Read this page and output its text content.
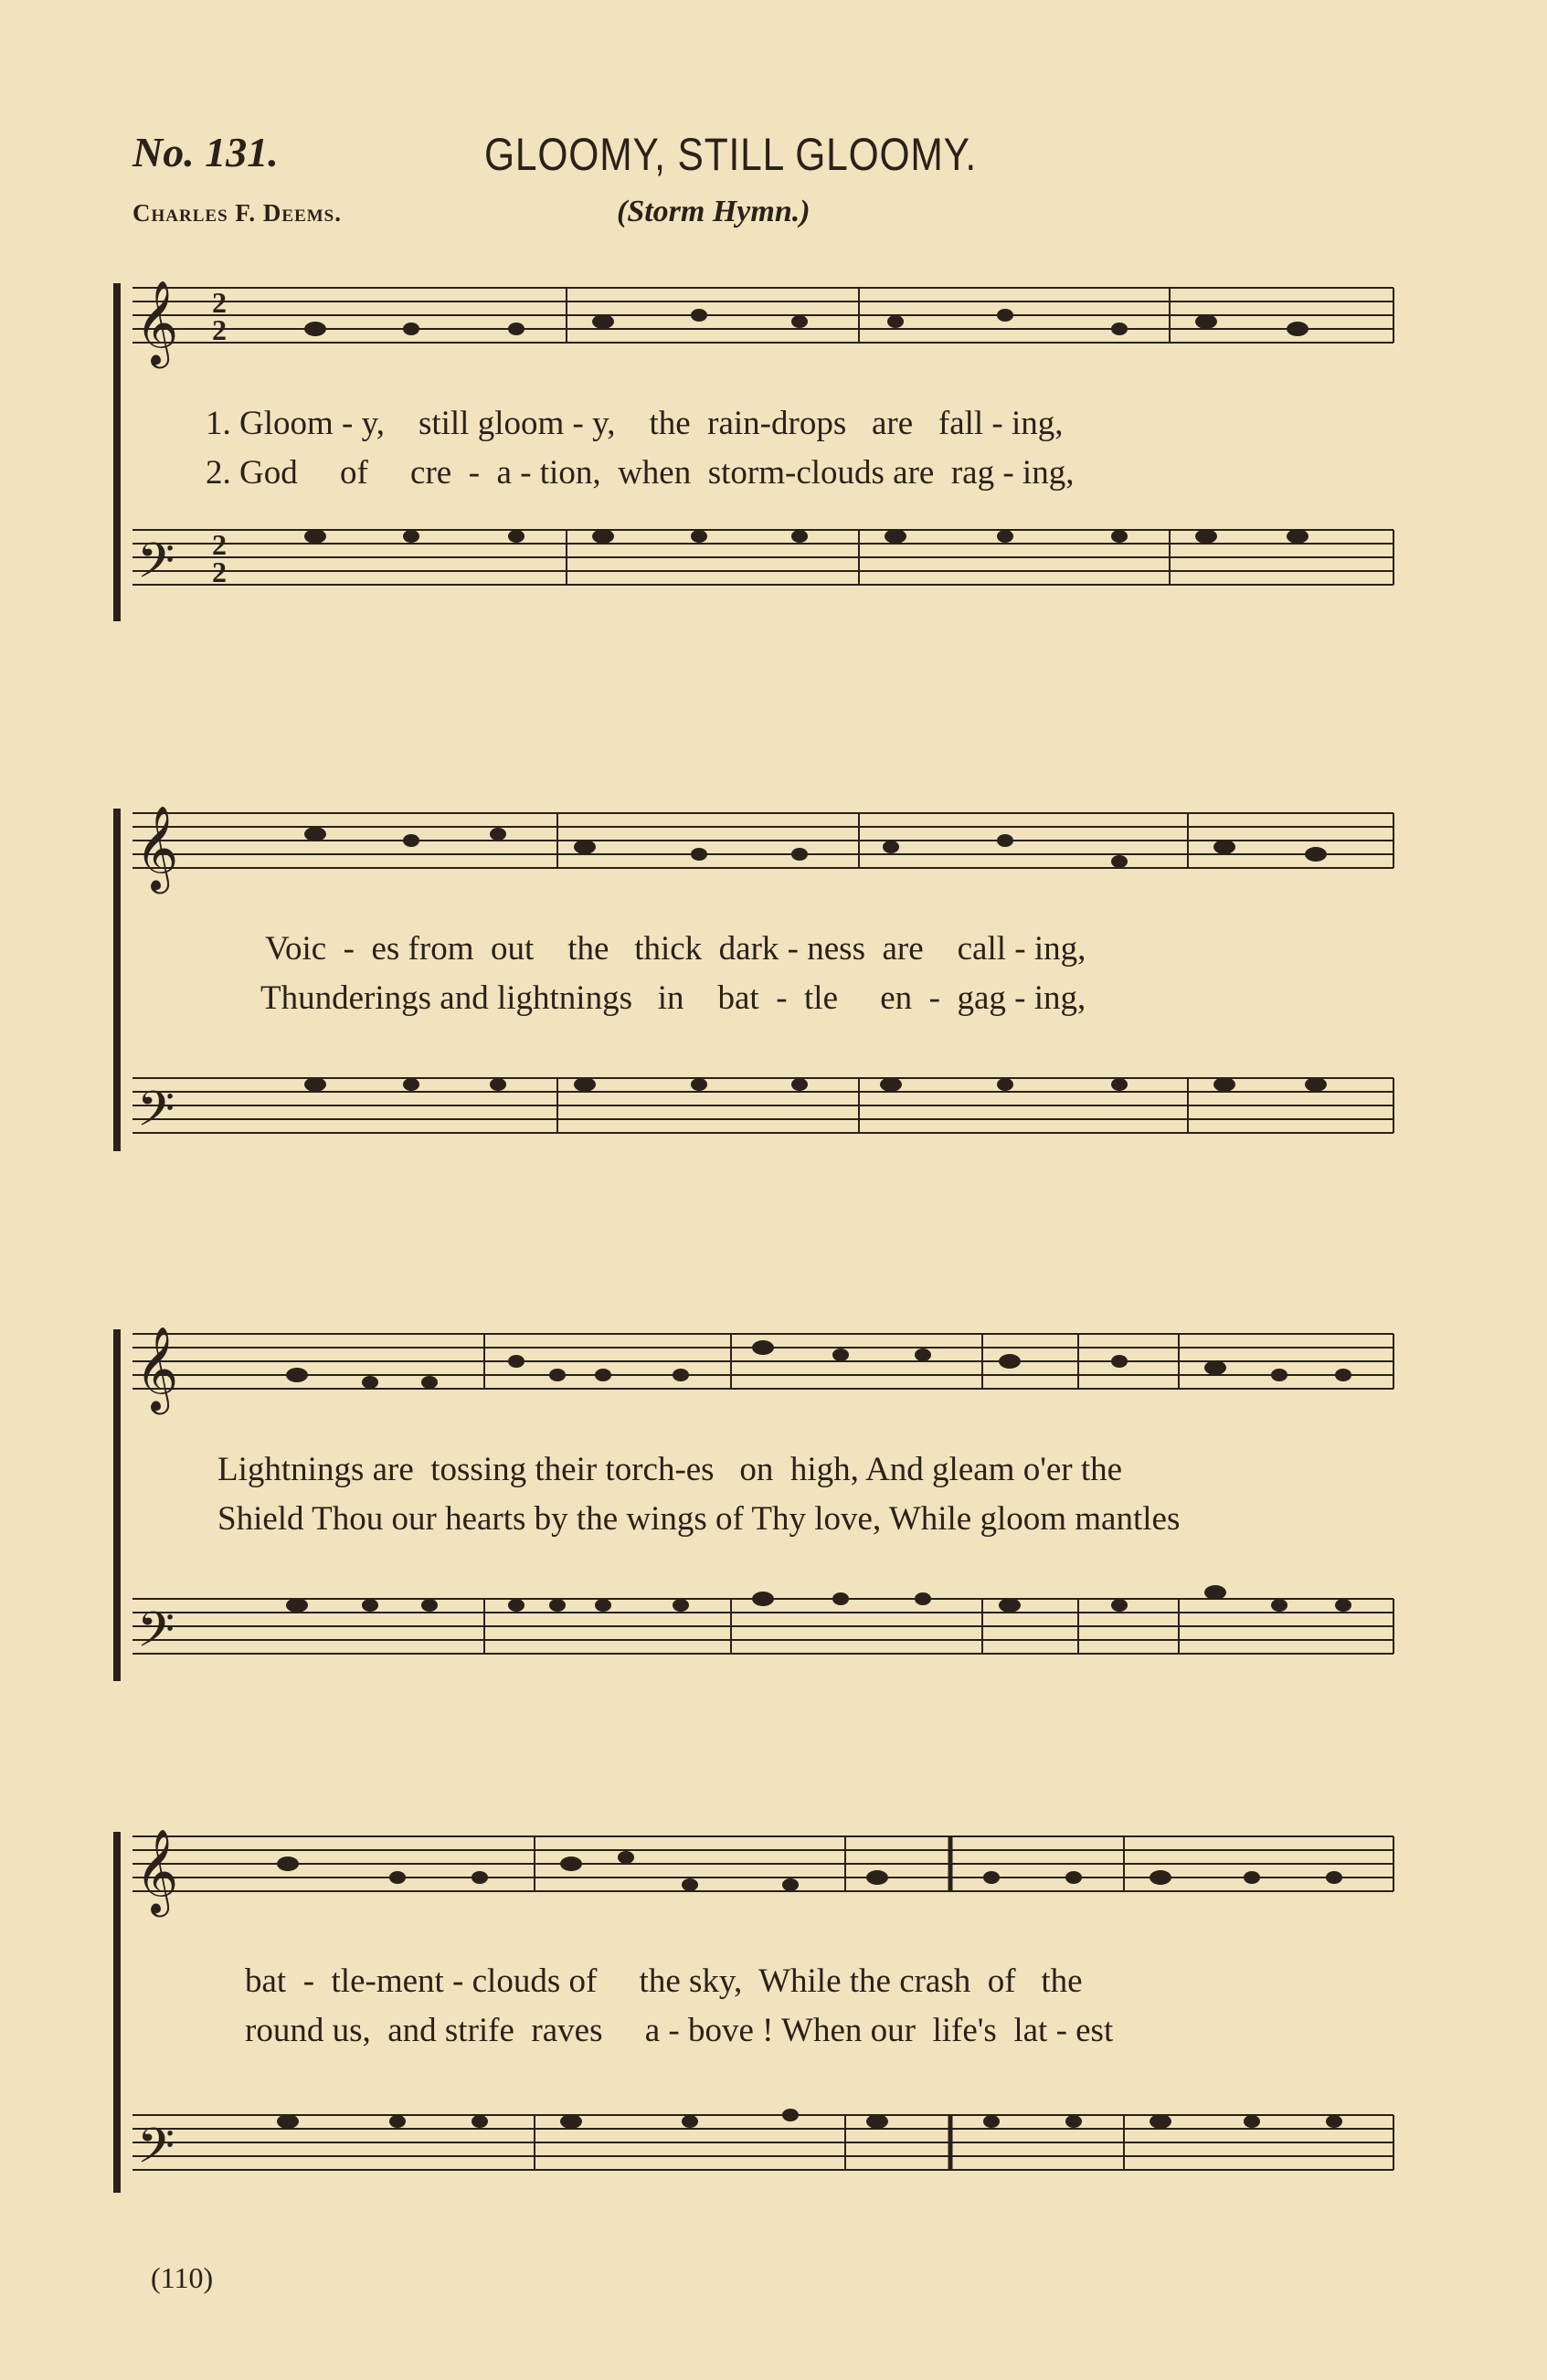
No. 131.	GLOOMY, STILL GLOOMY.
Charles F. Deems.	(Storm Hymn.)
𝄞
𝄢
2
2
2
2
1. Gloom - y,    still gloom - y,    the  rain-drops   are   fall - ing,
2. God     of     cre  -  a - tion,  when  storm-clouds are  rag - ing,
𝄞
𝄢
Voic  -  es from  out    the   thick  dark - ness  are    call - ing,
Thunderings and lightnings   in    bat  -  tle     en  -  gag - ing,
𝄞
𝄢
Lightnings are  tossing their torch-es   on  high, And gleam o'er the
Shield Thou our hearts by the wings of Thy love, While gloom mantles
𝄞
𝄢
bat  -  tle-ment - clouds of     the sky,  While the crash  of   the
round us,  and strife  raves     a - bove ! When our  life's  lat - est
(110)
